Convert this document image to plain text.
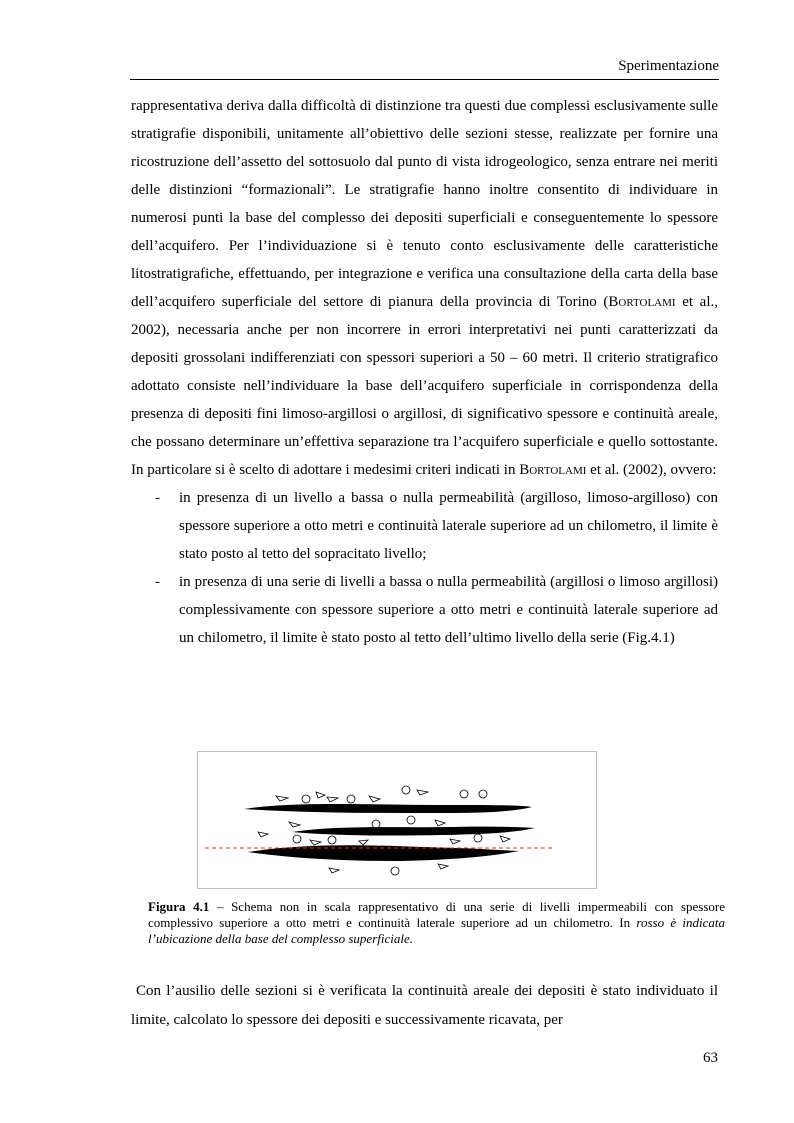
Sperimentazione

rappresentativa deriva dalla difficoltà di distinzione tra questi due complessi esclusivamente sulle stratigrafie disponibili, unitamente all’obiettivo delle sezioni stesse, realizzate per fornire una ricostruzione dell’assetto del sottosuolo dal punto di vista idrogeologico, senza entrare nei meriti delle distinzioni “formazionali”. Le stratigrafie hanno inoltre consentito di individuare in numerosi punti la base del complesso dei depositi superficiali e conseguentemente lo spessore dell’acquifero. Per l’individuazione si è tenuto conto esclusivamente delle caratteristiche litostratigrafiche, effettuando, per integrazione e verifica una consultazione della carta della base dell’acquifero superficiale del settore di pianura della provincia di Torino (Bortolami et al., 2002), necessaria anche per non incorrere in errori interpretativi nei punti caratterizzati da depositi grossolani indifferenziati con spessori superiori a 50 – 60 metri. Il criterio stratigrafico adottato consiste nell’individuare la base dell’acquifero superficiale in corrispondenza della presenza di depositi fini limoso-argillosi o argillosi, di significativo spessore e continuità areale, che possano determinare un’effettiva separazione tra l’acquifero superficiale e quello sottostante. In particolare si è scelto di adottare i medesimi criteri indicati in Bortolami et al. (2002), ovvero:

- in presenza di un livello a bassa o nulla permeabilità (argilloso, limoso-argilloso) con spessore superiore a otto metri e continuità laterale superiore ad un chilometro, il limite è stato posto al tetto del sopracitato livello;
- in presenza di una serie di livelli a bassa o nulla permeabilità (argillosi o limoso argillosi) complessivamente con spessore superiore a otto metri e continuità laterale superiore ad un chilometro, il limite è stato posto al tetto dell’ultimo livello della serie (Fig.4.1)
Figura 4.1 – Schema non in scala rappresentativo di una serie di livelli impermeabili con spessore complessivo superiore a otto metri e continuità laterale superiore ad un chilometro. In rosso è indicata l’ubicazione della base del complesso superficiale.

Con l’ausilio delle sezioni si è verificata la continuità areale dei depositi è stato individuato il limite, calcolato lo spessore dei depositi e successivamente ricavata, per

63
